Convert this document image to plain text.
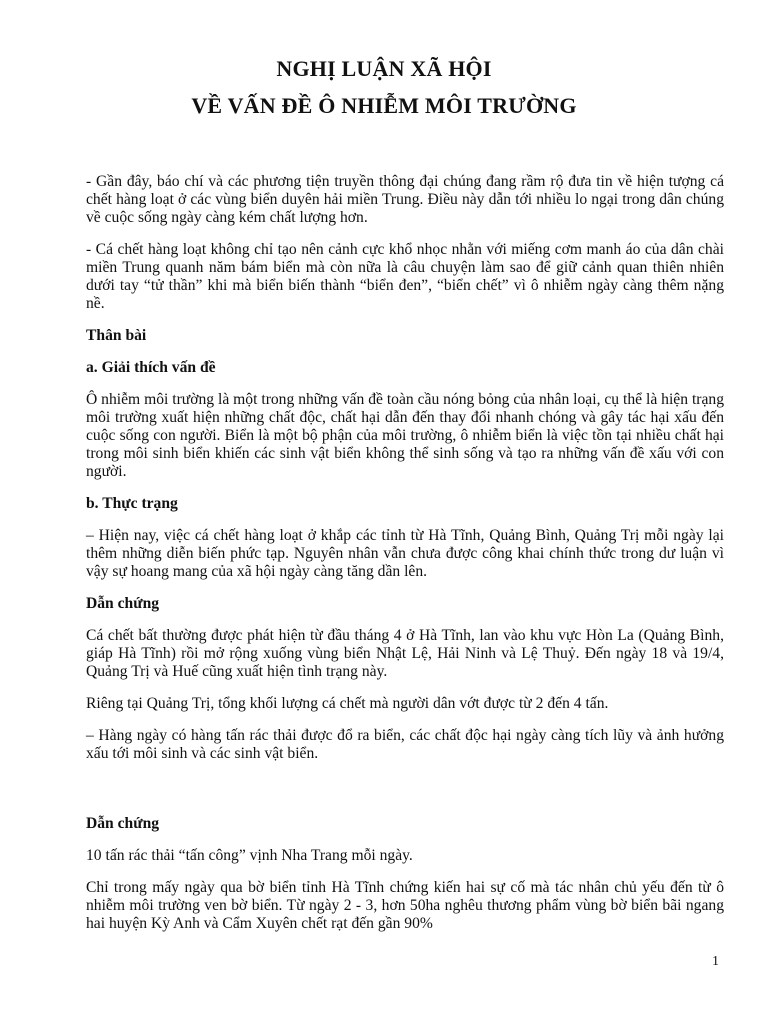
NGHỊ LUẬN XÃ HỘI
VỀ VẤN ĐỀ Ô NHIỄM MÔI TRƯỜNG

- Gần đây, báo chí và các phương tiện truyền thông đại chúng đang rầm rộ đưa tin về hiện tượng cá chết hàng loạt ở các vùng biển duyên hải miền Trung. Điều này dẫn tới nhiều lo ngại trong dân chúng về cuộc sống ngày càng kém chất lượng hơn.

- Cá chết hàng loạt không chỉ tạo nên cảnh cực khổ nhọc nhằn với miếng cơm manh áo của dân chài miền Trung quanh năm bám biển mà còn nữa là câu chuyện làm sao để giữ cảnh quan thiên nhiên dưới tay “tử thần” khi mà biển biến thành “biển đen”, “biển chết” vì ô nhiễm ngày càng thêm nặng nề.

Thân bài
a. Giải thích vấn đề

Ô nhiễm môi trường là một trong những vấn đề toàn cầu nóng bỏng của nhân loại, cụ thể là hiện trạng môi trường xuất hiện những chất độc, chất hại dẫn đến thay đổi nhanh chóng và gây tác hại xấu đến cuộc sống con người. Biển là một bộ phận của môi trường, ô nhiễm biển là việc tồn tại nhiều chất hại trong môi sinh biển khiến các sinh vật biển không thể sinh sống và tạo ra những vấn đề xấu với con người.

b. Thực trạng

– Hiện nay, việc cá chết hàng loạt ở khắp các tỉnh từ Hà Tĩnh, Quảng Bình, Quảng Trị mỗi ngày lại thêm những diễn biến phức tạp. Nguyên nhân vẫn chưa được công khai chính thức trong dư luận vì vậy sự hoang mang của xã hội ngày càng tăng dần lên.

Dẫn chứng

Cá chết bất thường được phát hiện từ đầu tháng 4 ở Hà Tĩnh, lan vào khu vực Hòn La (Quảng Bình, giáp Hà Tĩnh) rồi mở rộng xuống vùng biển Nhật Lệ, Hải Ninh và Lệ Thuỷ. Đến ngày 18 và 19/4, Quảng Trị và Huế cũng xuất hiện tình trạng này.

Riêng tại Quảng Trị, tổng khối lượng cá chết mà người dân vớt được từ 2 đến 4 tấn.

– Hàng ngày có hàng tấn rác thải được đổ ra biển, các chất độc hại ngày càng tích lũy và ảnh hưởng xấu tới môi sinh và các sinh vật biển.

Dẫn chứng

10 tấn rác thải “tấn công” vịnh Nha Trang mỗi ngày.

Chỉ trong mấy ngày qua bờ biển tỉnh Hà Tĩnh chứng kiến hai sự cố mà tác nhân chủ yếu đến từ ô nhiễm môi trường ven bờ biển. Từ ngày 2 - 3, hơn 50ha nghêu thương phẩm vùng bờ biển bãi ngang hai huyện Kỳ Anh và Cẩm Xuyên chết rạt đến gần 90%

1
